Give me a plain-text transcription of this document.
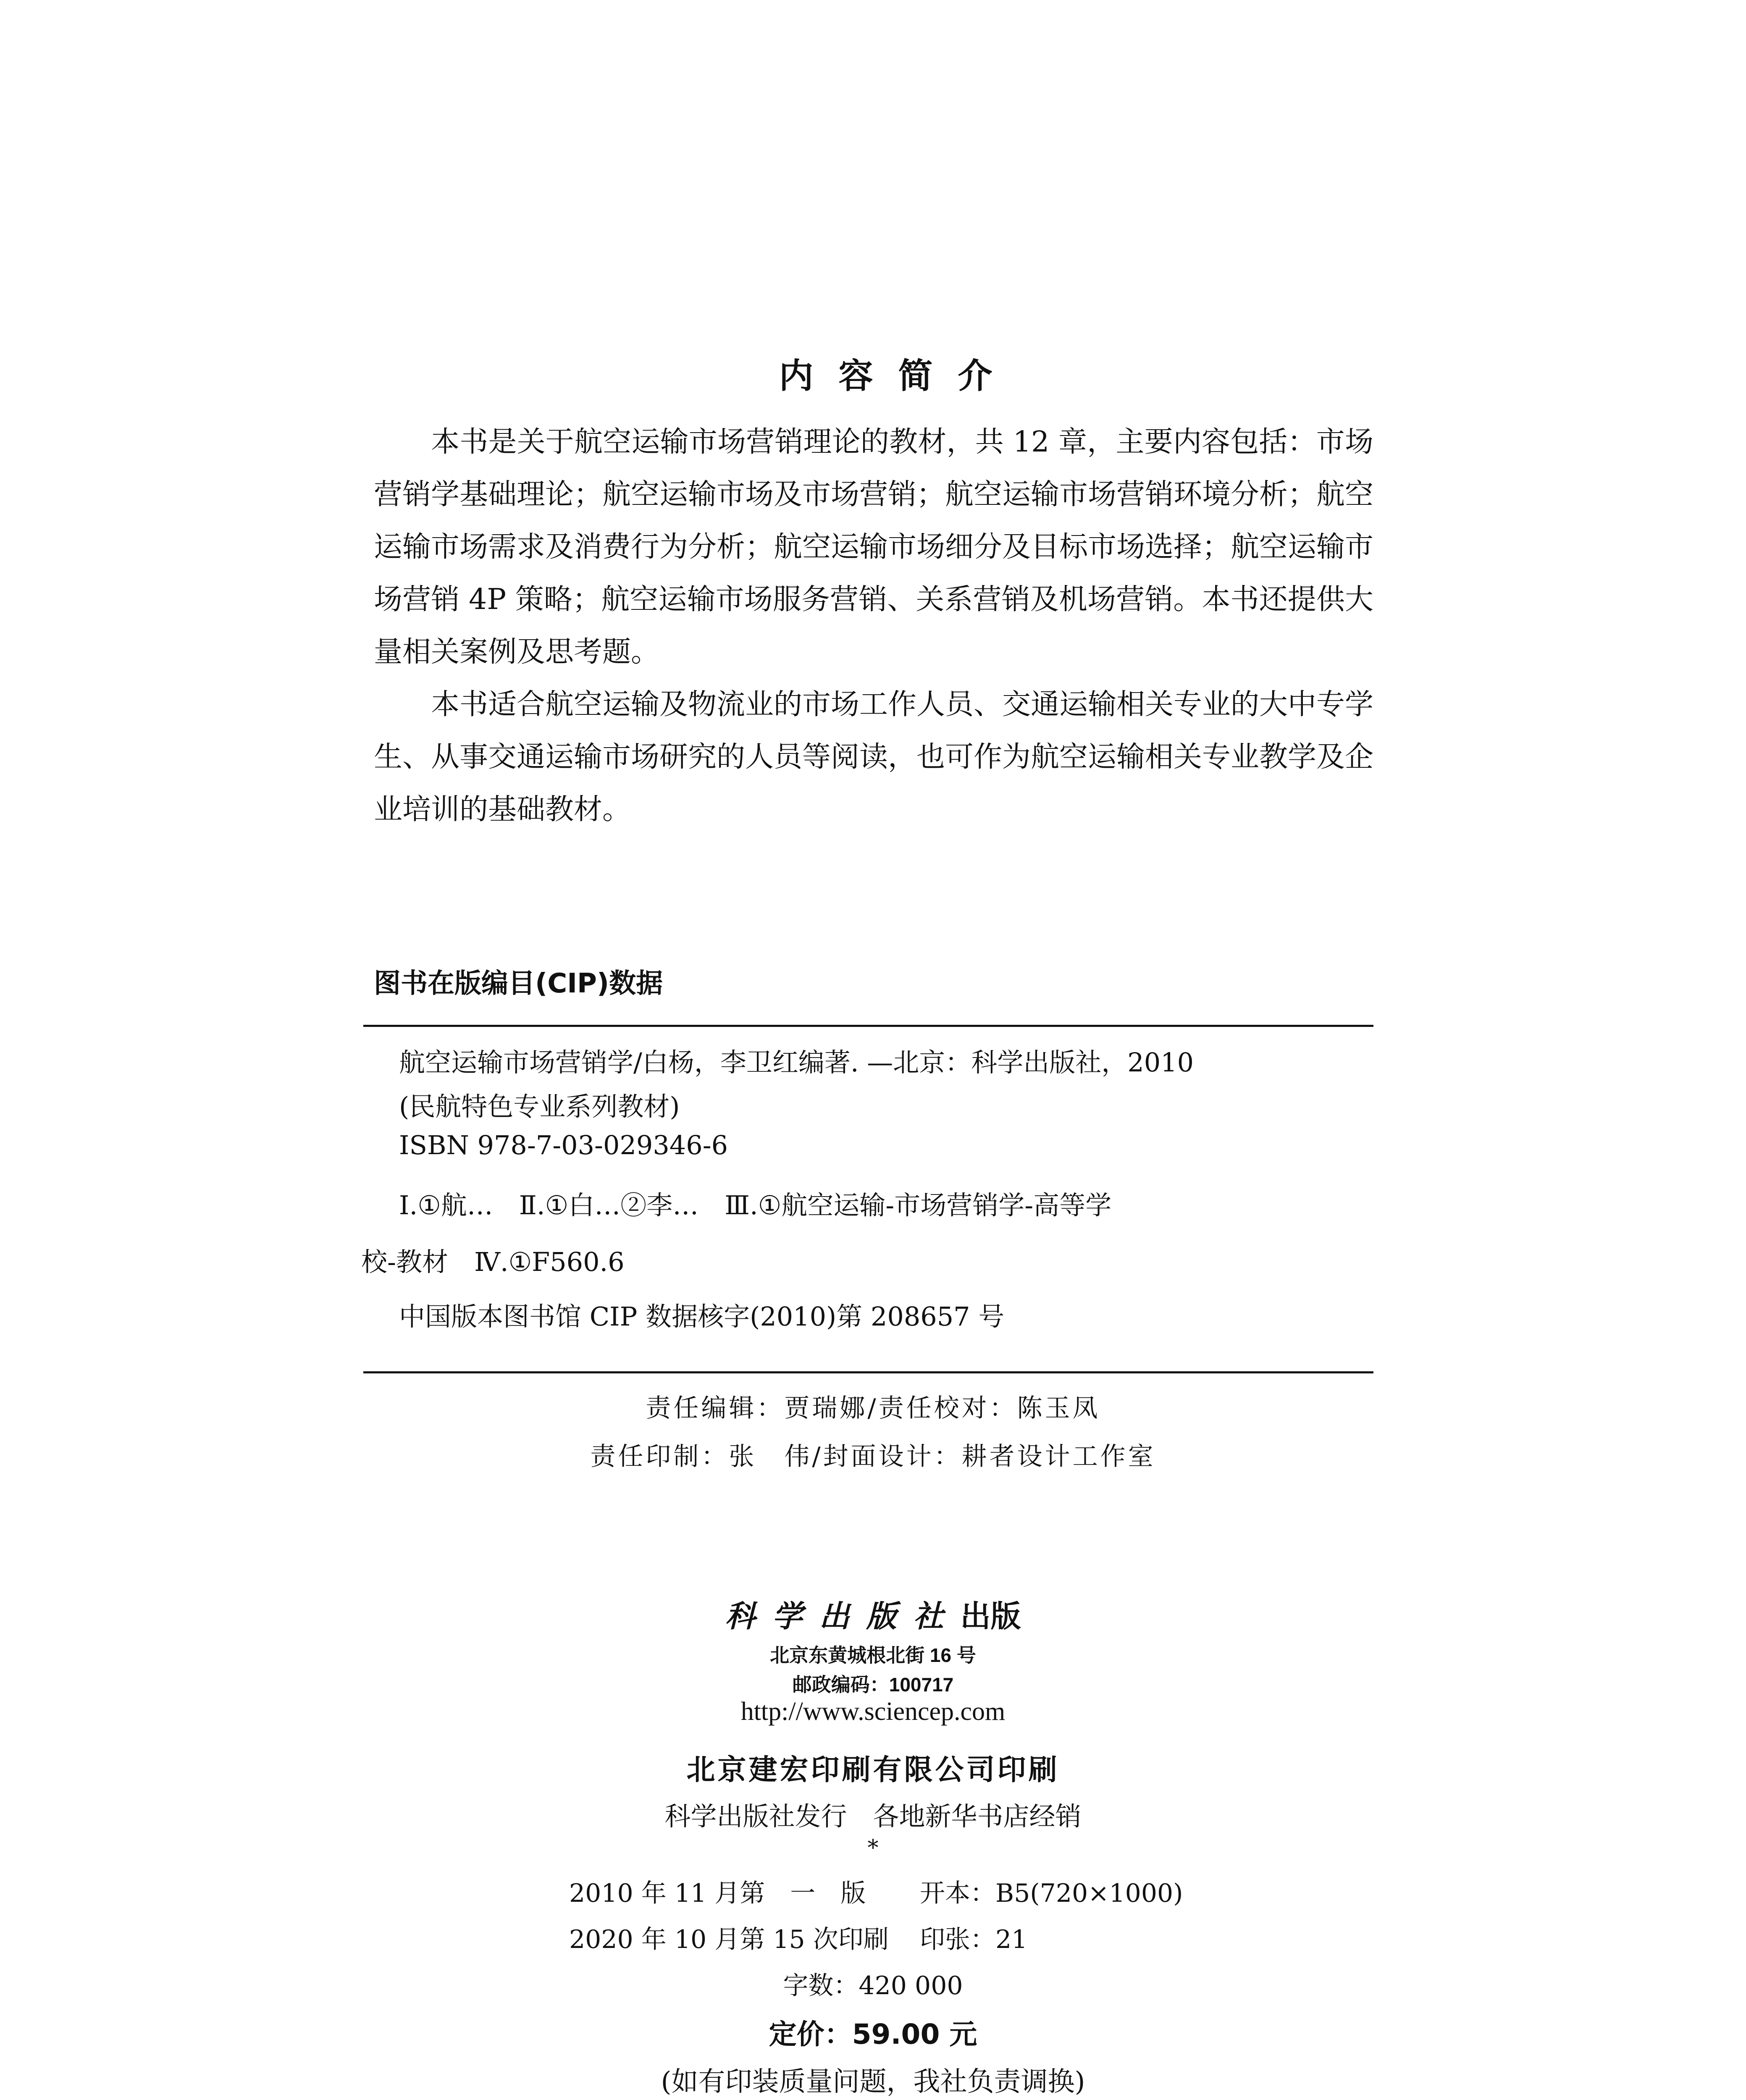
内容简介

本书是关于航空运输市场营销理论的教材，共 12 章，主要内容包括：市场营销学基础理论；航空运输市场及市场营销；航空运输市场营销环境分析；航空运输市场需求及消费行为分析；航空运输市场细分及目标市场选择；航空运输市场营销 4P 策略；航空运输市场服务营销、关系营销及机场营销。本书还提供大量相关案例及思考题。

本书适合航空运输及物流业的市场工作人员、交通运输相关专业的大中专学生、从事交通运输市场研究的人员等阅读，也可作为航空运输相关专业教学及企业培训的基础教材。

图书在版编目(CIP)数据
航空运输市场营销学/白杨，李卫红编著. —北京：科学出版社，2010
(民航特色专业系列教材)
ISBN 978-7-03-029346-6
Ⅰ.①航…　Ⅱ.①白…②李…　Ⅲ.①航空运输-市场营销学-高等学
校-教材　Ⅳ.①F560.6
中国版本图书馆 CIP 数据核字(2010)第 208657 号
责任编辑：贾瑞娜/责任校对：陈玉凤
责任印制：张　伟/封面设计：耕者设计工作室
科学出版社出版
北京东黄城根北街 16 号
邮政编码：100717
http://www.sciencep.com
北京建宏印刷有限公司印刷
科学出版社发行　各地新华书店经销
*
2010 年 11 月第　一　版 开本：B5(720×1000)
2020 年 10 月第 15 次印刷 印张：21
字数：420 000
定价：59.00 元
(如有印装质量问题，我社负责调换)
